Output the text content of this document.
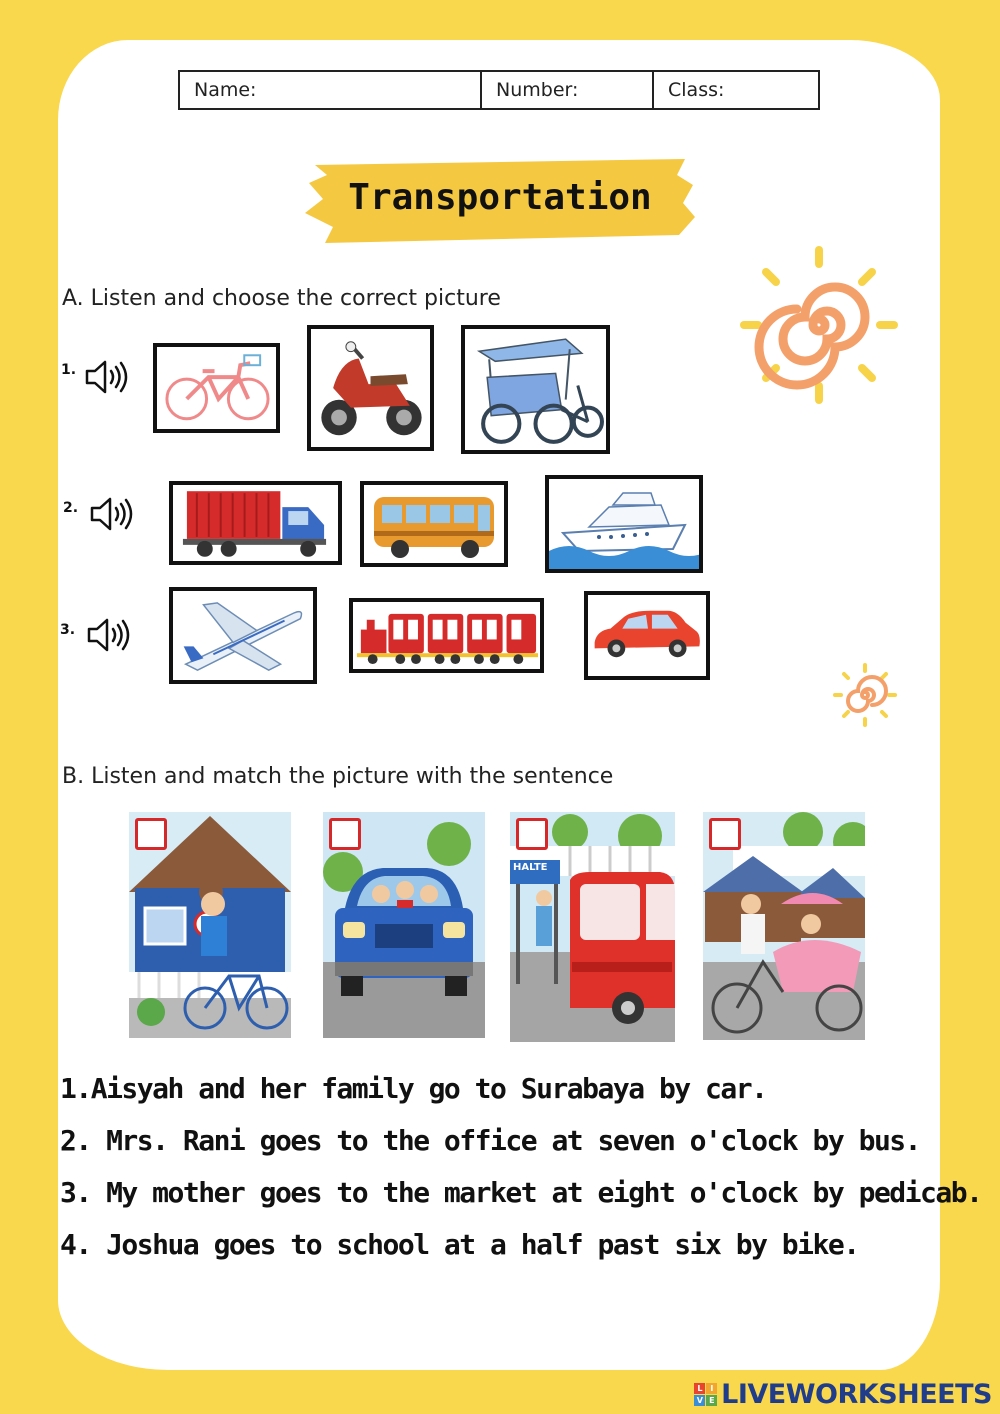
Name:	Number:	Class:
Transportation
A. Listen and choose the correct picture
1.
2.
3.
B. Listen and match the picture with the sentence
HALTE
1.Aisyah and her family go to Surabaya by car.
2. Mrs. Rani goes to the office at seven o'clock by bus.
3. My mother goes to the market at eight o'clock by pedicab.
4. Joshua goes to school at a half past six by bike.
L	I
V E LIVEWORKSHEETS
